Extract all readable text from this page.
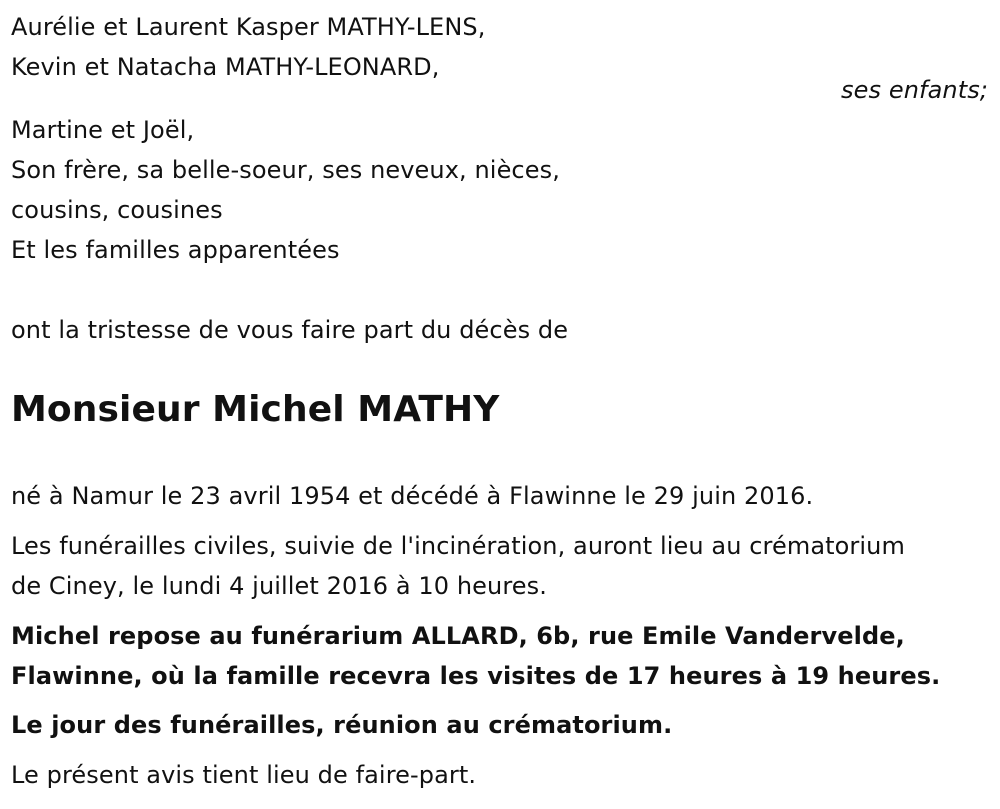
Aurélie et Laurent Kasper MATHY-LENS,
Kevin et Natacha MATHY-LEONARD,
ses enfants;
Martine et Joël,
Son frère, sa belle-soeur, ses neveux, nièces,
cousins, cousines
Et les familles apparentées
ont la tristesse de vous faire part du décès de
Monsieur Michel MATHY
né à Namur le 23 avril 1954 et décédé à Flawinne le 29 juin 2016.
Les funérailles civiles, suivie de l'incinération, auront lieu au crématorium
de Ciney, le lundi 4 juillet 2016 à 10 heures.
Michel repose au funérarium ALLARD, 6b, rue Emile Vandervelde,
Flawinne, où la famille recevra les visites de 17 heures à 19 heures.
Le jour des funérailles, réunion au crématorium.
Le présent avis tient lieu de faire-part.
